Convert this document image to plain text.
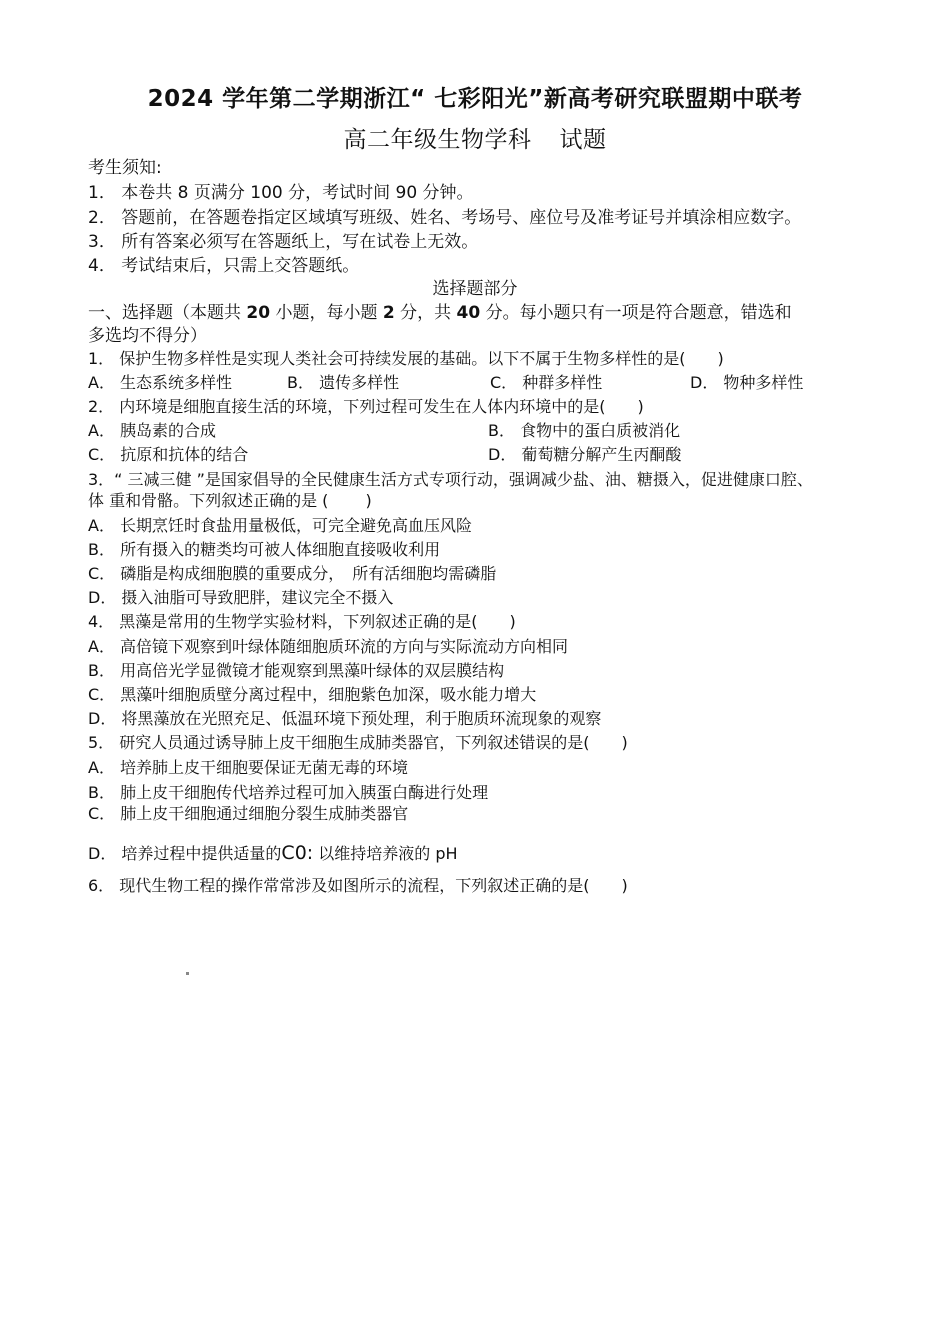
2024 学年第二学期浙江“ 七彩阳光”新高考研究联盟期中联考
高二年级生物学科 试题
考生须知:
1． 本卷共 8 页满分 100 分，考试时间 90 分钟。
2． 答题前，在答题卷指定区域填写班级、姓名、考场号、座位号及准考证号并填涂相应数字。
3． 所有答案必须写在答题纸上，写在试卷上无效。
4． 考试结束后，只需上交答题纸。
选择题部分
一、选择题（本题共 20 小题，每小题 2 分，共 40 分。每小题只有一项是符合题意，错选和
多选均不得分）
1． 保护生物多样性是实现人类社会可持续发展的基础。以下不属于生物多样性的是(　　)
A． 生态系统多样性	B． 遗传多样性	C． 种群多样性	D． 物种多样性
2． 内环境是细胞直接生活的环境，下列过程可发生在人体内环境中的是(　　)
A． 胰岛素的合成	B． 食物中的蛋白质被消化
C． 抗原和抗体的结合	D． 葡萄糖分解产生丙酮酸
3．“ 三减三健 ”是国家倡导的全民健康生活方式专项行动，强调减少盐、油、糖摄入，促进健康口腔、
体 重和骨骼。下列叙述正确的是 (　　 )
A． 长期烹饪时食盐用量极低，可完全避免高血压风险
B． 所有摄入的糖类均可被人体细胞直接吸收利用
C． 磷脂是构成细胞膜的重要成分，　所有活细胞均需磷脂
D． 摄入油脂可导致肥胖，建议完全不摄入
4． 黑藻是常用的生物学实验材料，下列叙述正确的是(　　)
A． 高倍镜下观察到叶绿体随细胞质环流的方向与实际流动方向相同
B． 用高倍光学显微镜才能观察到黑藻叶绿体的双层膜结构
C． 黑藻叶细胞质壁分离过程中，细胞紫色加深，吸水能力增大
D． 将黑藻放在光照充足、低温环境下预处理，利于胞质环流现象的观察
5． 研究人员通过诱导肺上皮干细胞生成肺类器官，下列叙述错误的是(　　)
A． 培养肺上皮干细胞要保证无菌无毒的环境
B． 肺上皮干细胞传代培养过程可加入胰蛋白酶进行处理
C． 肺上皮干细胞通过细胞分裂生成肺类器官
D． 培养过程中提供适量的C0: 以维持培养液的 pH
6． 现代生物工程的操作常常涉及如图所示的流程，下列叙述正确的是(　　)
